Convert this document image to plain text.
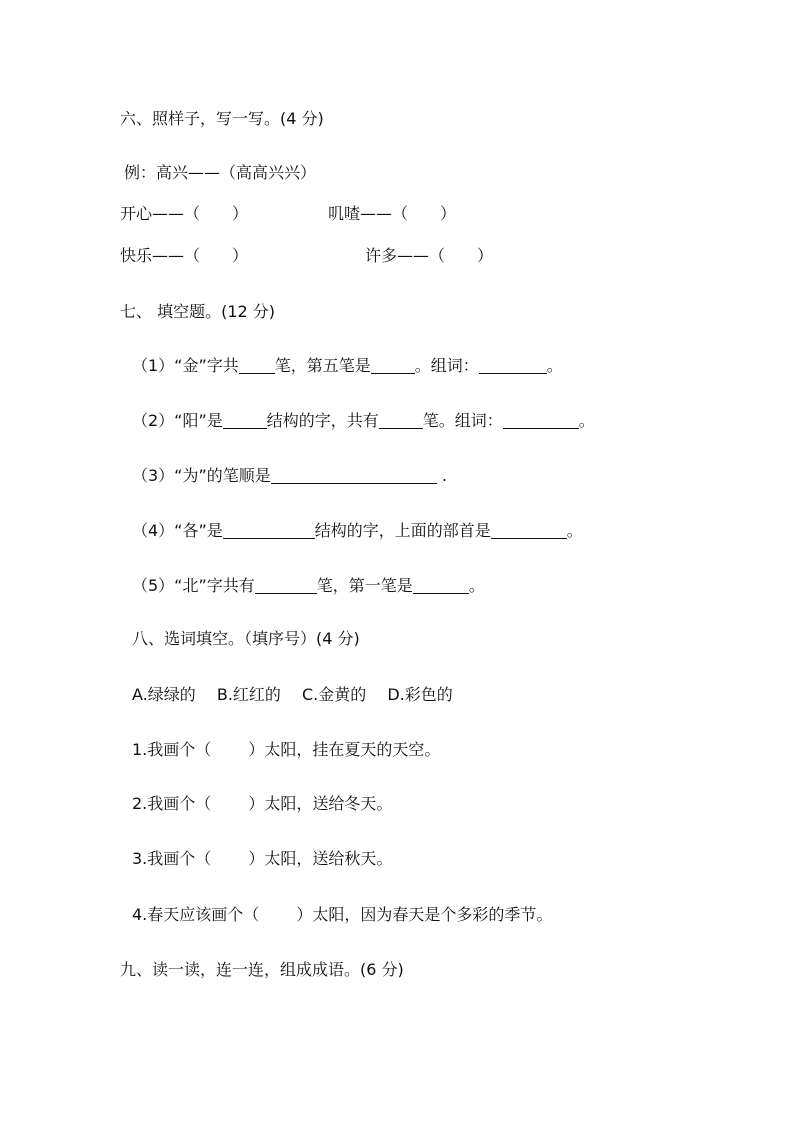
六、照样子，写一写。(4 分)
例：高兴——（高高兴兴）
开心——（　　）	叽喳——（　　）
快乐——（　　）	许多——（　　）
七、 填空题。(12 分)
（1）“金”字共 笔，第五笔是	。组词：	。
（2）“阳”是	结构的字，共有	笔。组词：	。
（3）“为”的笔顺是	.
（4）“各”是	结构的字，上面的部首是	。
（5）“北”字共有	笔，第一笔是	。
八、选词填空。（填序号）(4 分)
A.绿绿的　 B.红红的　 C.金黄的　 D.彩色的
1.我画个（　　 ）太阳，挂在夏天的天空。
2.我画个（　　 ）太阳，送给冬天。
3.我画个（　　 ）太阳，送给秋天。
4.春天应该画个（　　 ）太阳，因为春天是个多彩的季节。
九、读一读，连一连，组成成语。(6 分)
